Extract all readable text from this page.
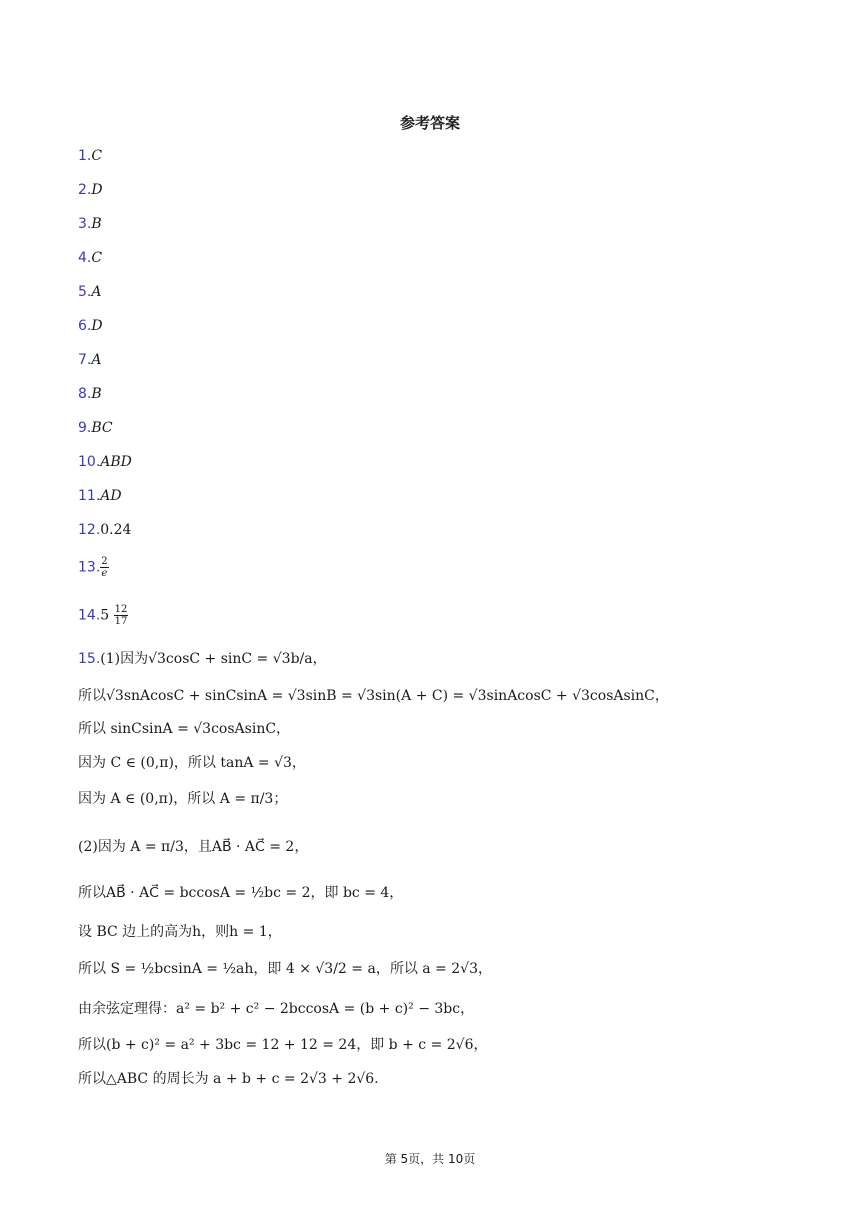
参考答案
1.C
2.D
3.B
4.C
5.A
6.D
7.A
8.B
9.BC
10.ABD
11.AD
12.0.24
13. $\frac{2}{e}$
$14.5 \frac{12}{17}$
15.(1)因为√3cosC + sinC = √3b/a，
所以√3snAcosC + sinCsinA = √3sinB = √3sin(A + C) = √3sinAcosC + √3cosAsinC，
所以 sinCsinA = √3cosAsinC，
因为 C ∈ (0,π)，所以 tanA = √3，
因为 A ∈ (0,π)，所以 A = π/3；
(2)因为 A = π/3，且AB⃗ · AC⃗ = 2，
所以AB⃗ · AC⃗ = bccosA = ½bc = 2，即 bc = 4，
设 BC 边上的高为h，则h = 1，
所以 S = ½bcsinA = ½ah，即 4 × √3/2 = a，所以 a = 2√3，
由余弦定理得：a² = b² + c² − 2bccosA = (b + c)² − 3bc，
所以(b + c)² = a² + 3bc = 12 + 12 = 24，即 b + c = 2√6，
所以△ABC 的周长为 a + b + c = 2√3 + 2√6.
第 5页，共 10页
